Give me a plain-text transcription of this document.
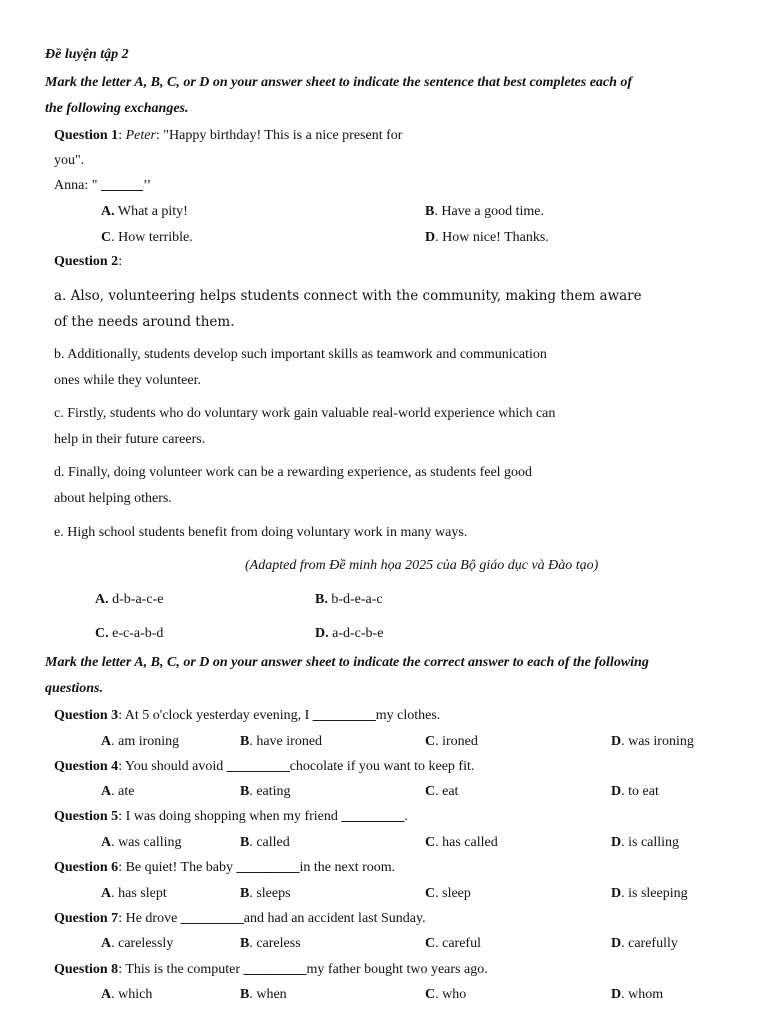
Đề luyện tập 2
Mark the letter A, B, C, or D on your answer sheet to indicate the sentence that best completes each of
the following exchanges.
Question 1: Peter: "Happy birthday! This is a nice present for
you".
Anna: " ______’’
A. What a pity!	B. Have a good time.
C. How terrible.	D. How nice! Thanks.
Question 2:
a. Also, volunteering helps students connect with the community, making them aware
of the needs around them.
b. Additionally, students develop such important skills as teamwork and communication
ones while they volunteer.
c. Firstly, students who do voluntary work gain valuable real-world experience which can
help in their future careers.
d. Finally, doing volunteer work can be a rewarding experience, as students feel good
about helping others.
e. High school students benefit from doing voluntary work in many ways.
(Adapted from Đề minh họa 2025 của Bộ giáo dục và Đào tạo)
A. d-b-a-c-e	B. b-d-e-a-c
C. e-c-a-b-d	D. a-d-c-b-e
Mark the letter A, B, C, or D on your answer sheet to indicate the correct answer to each of the following
questions.
Question 3: At 5 o'clock yesterday evening, I _________my clothes.
A. am ironing	B. have ironed	C. ironed	D. was ironing
Question 4: You should avoid _________chocolate if you want to keep fit.
A. ate	B. eating	C. eat	D. to eat
Question 5: I was doing shopping when my friend _________.
A. was calling	B. called	C. has called	D. is calling
Question 6: Be quiet! The baby _________in the next room.
A. has slept	B. sleeps	C. sleep	D. is sleeping
Question 7: He drove _________and had an accident last Sunday.
A. carelessly	B. careless	C. careful	D. carefully
Question 8: This is the computer _________my father bought two years ago.
A. which	B. when	C. who	D. whom
